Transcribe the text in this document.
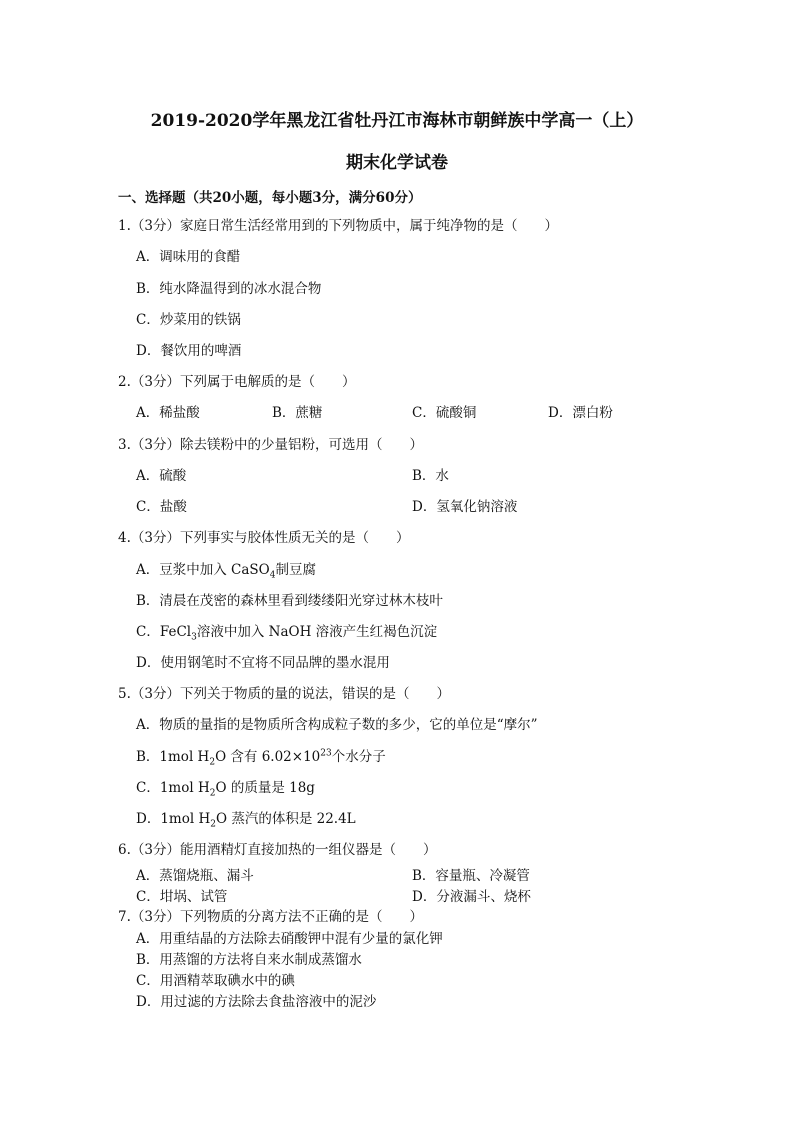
2019-2020学年黑龙江省牡丹江市海林市朝鲜族中学高一（上）
期末化学试卷
一、选择题（共20小题，每小题3分，满分60分）
1.（3分）家庭日常生活经常用到的下列物质中，属于纯净物的是（　　）
A．调味用的食醋
B．纯水降温得到的冰水混合物
C．炒菜用的铁锅
D．餐饮用的啤酒
2.（3分）下列属于电解质的是（　　）
A．稀盐酸	B．蔗糖	C．硫酸铜	D．漂白粉
3.（3分）除去镁粉中的少量铝粉，可选用（　　）
A．硫酸	B．水
C．盐酸	D．氢氧化钠溶液
4.（3分）下列事实与胶体性质无关的是（　　）
A．豆浆中加入 CaSO$_4$制豆腐
B．清晨在茂密的森林里看到缕缕阳光穿过林木枝叶
C．FeCl$_3$溶液中加入 NaOH 溶液产生红褐色沉淀
D．使用钢笔时不宜将不同品牌的墨水混用
5.（3分）下列关于物质的量的说法，错误的是（　　）
A．物质的量指的是物质所含构成粒子数的多少，它的单位是“摩尔”
B．1mol $H_2O$ 含有 $6.02\times 10^{23}$个水分子
C．1mol $H_2O$ 的质量是 18g
D．1mol $H_2O$ 蒸汽的体积是 22.4L
6.（3分）能用酒精灯直接加热的一组仪器是（　　）
A．蒸馏烧瓶、漏斗	B．容量瓶、冷凝管
C．坩埚、试管	D．分液漏斗、烧杯
7.（3分）下列物质的分离方法不正确的是（　　）
A．用重结晶的方法除去硝酸钾中混有少量的氯化钾
B．用蒸馏的方法将自来水制成蒸馏水
C．用酒精萃取碘水中的碘
D．用过滤的方法除去食盐溶液中的泥沙
